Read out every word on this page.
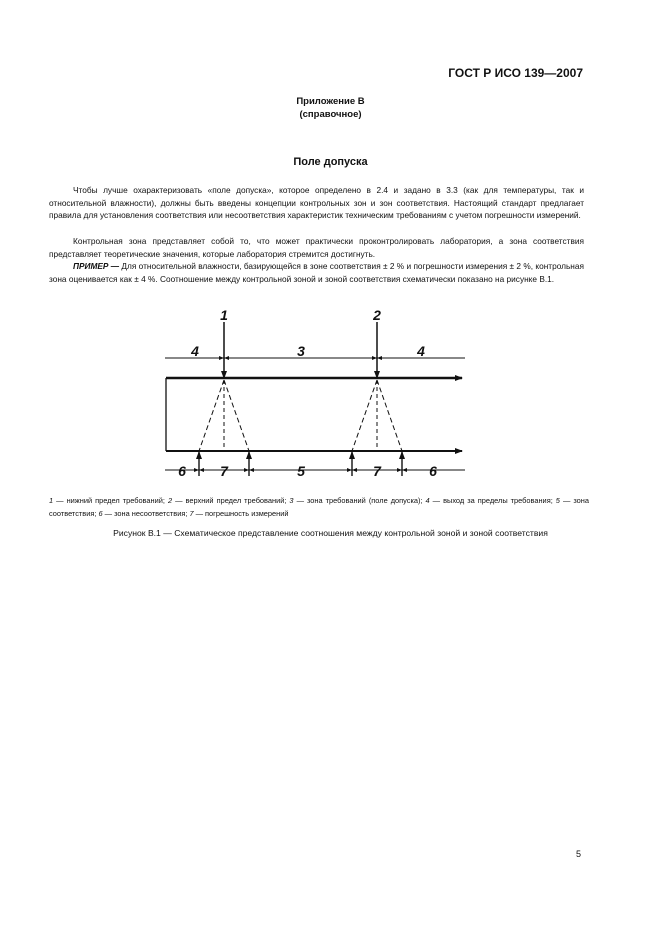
ГОСТ Р ИСО 139—2007
Приложение В
(справочное)
Поле допуска

Чтобы лучше охарактеризовать «поле допуска», которое определено в 2.4 и задано в 3.3 (как для температуры, так и относительной влажности), должны быть введены концепции контрольных зон и зон соответствия. Настоящий стандарт предлагает правила для установления соответствия или несоответствия характеристик техническим требованиям с учетом погрешности измерений.

Контрольная зона представляет собой то, что может практически проконтролировать лаборатория, а зона соответствия представляет теоретические значения, которые лаборатория стремится достигнуть.

ПРИМЕР — Для относительной влажности, базирующейся в зоне соответствия ± 2 % и погрешности измерения ± 2 %, контрольная зона оценивается как ± 4 %. Соотношение между контрольной зоной и зоной соответствия схематически показано на рисунке В.1.

1	2
4	3	4
6 7	5	7	6

1 — нижний предел требований; 2 — верхний предел требований; 3 — зона требований (поле допуска); 4 — выход за пределы требования; 5 — зона соответствия; 6 — зона несоответствия; 7 — погрешность измерений

Рисунок В.1 — Схематическое представление соотношения между контрольной зоной и зоной соответствия
5
